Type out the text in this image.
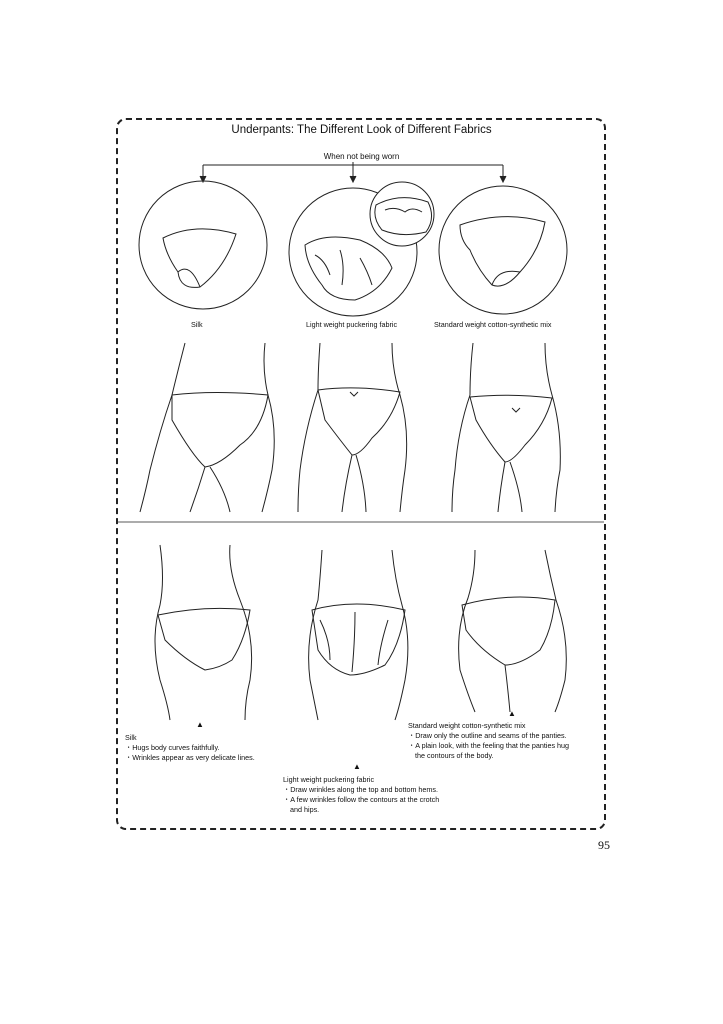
Underpants: The Different Look of Different Fabrics
When not being worn
Silk	Light weight puckering fabric	Standard weight cotton-synthetic mix
▲
▲
▲
Silk
・Hugs body curves faithfully.
・Wrinkles appear as very delicate lines.
Standard weight cotton-synthetic mix
・Draw only the outline and seams of the panties.
・A plain look, with the feeling that the panties hug
the contours of the body.
Light weight puckering fabric
・Draw wrinkles along the top and bottom hems.
・A few wrinkles follow the contours at the crotch
and hips.
95
